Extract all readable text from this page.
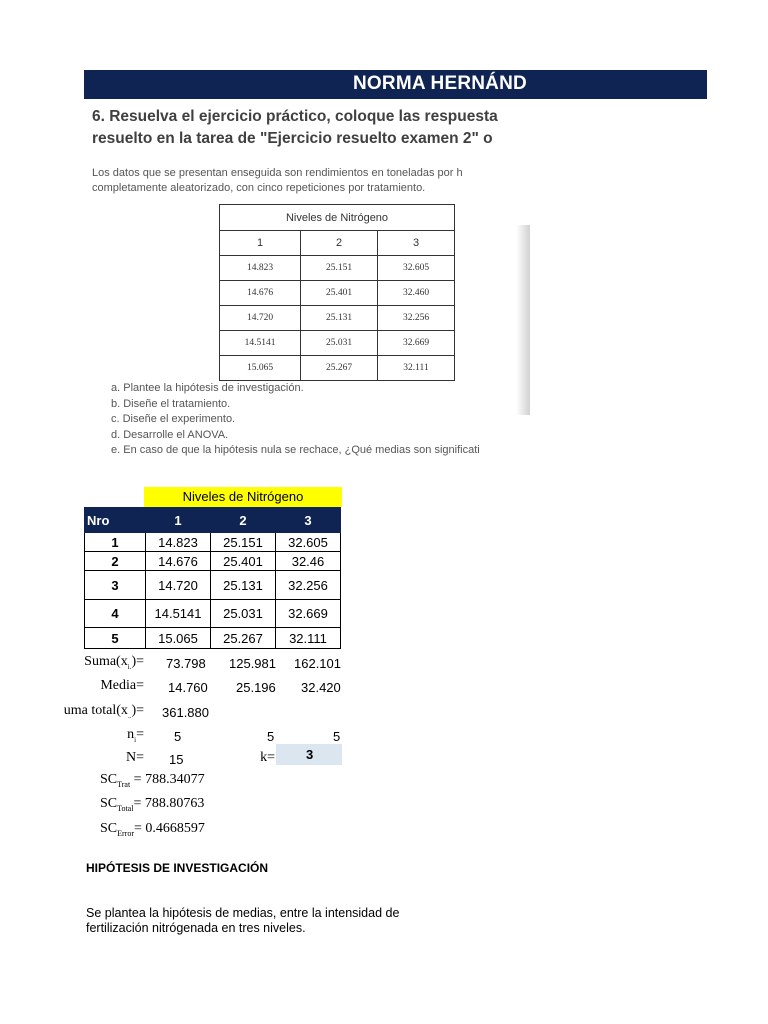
NORMA HERNÁND
6. Resuelva el ejercicio práctico, coloque las respuesta
resuelto en la tarea de "Ejercicio resuelto examen 2" o
Los datos que se presentan enseguida son rendimientos en toneladas por h
completamente aleatorizado, con cinco repeticiones por tratamiento.
Niveles de Nitrógeno		
1	2	3
14.823	25.151	32.605
14.676	25.401	32.460
14.720	25.131	32.256
14.5141	25.031	32.669
15.065	25.267	32.111
a. Plantee la hipótesis de investigación.
b. Diseñe el tratamiento.
c. Diseñe el experimento.
d. Desarrolle el ANOVA.
e. En caso de que la hipótesis nula se rechace, ¿Qué medias son significati
Niveles de Nitrógeno
Nro	1	2	3
1	14.823	25.151	32.605
2	14.676	25.401	32.46
3	14.720	25.131	32.256
4	14.5141	25.031	32.669
5	15.065	25.267	32.111
$Suma(x_{i.})= 73.798$ 125.981 162.101
Media= 14.760 25.196 32.420
uma $total(x_{..})= 361.880$
$n_i= 5$	5	5
N= 15	k=	3
$SC_{Trat} = 788.34077$
$SC_{Total}= 788.80763$
$SC_{Error}= 0.4668597$
HIPÓTESIS DE INVESTIGACIÓN
Se plantea la hipótesis de medias, entre la intensidad de fertilización nitrógenada en tres niveles.
